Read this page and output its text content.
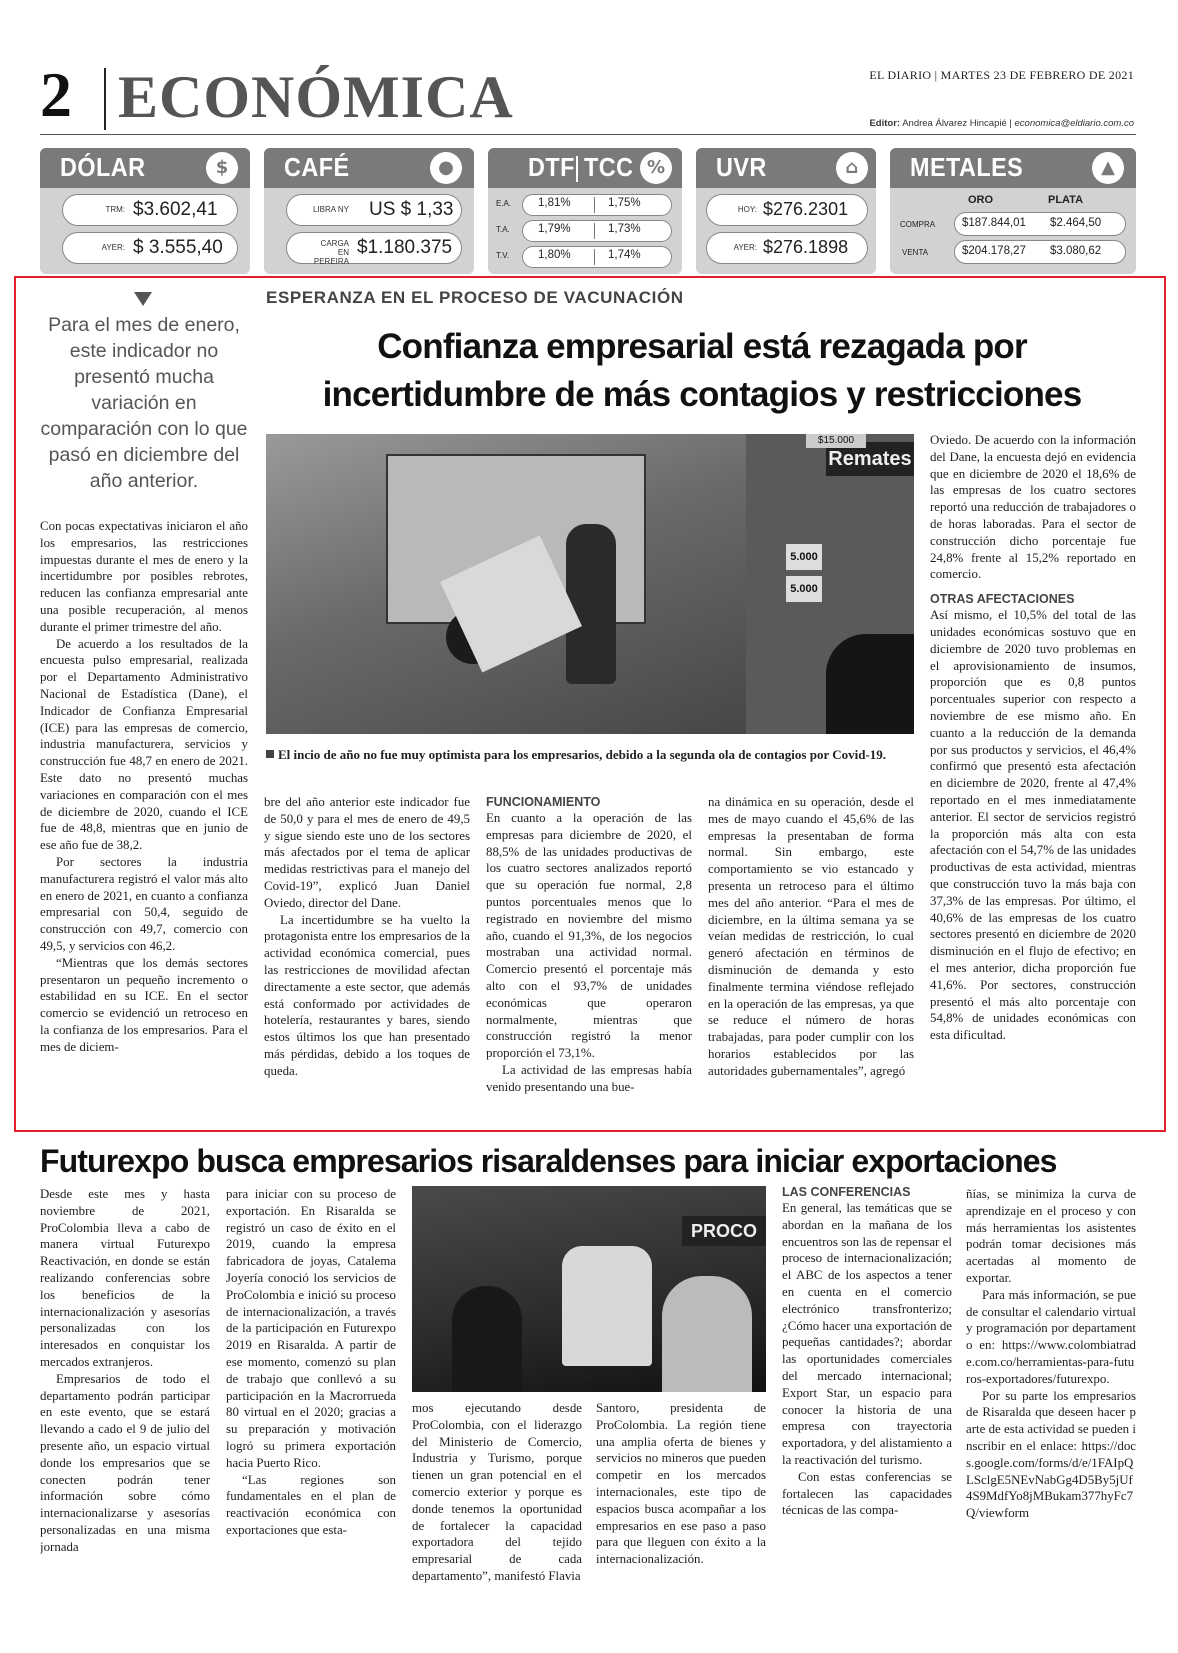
2 ECONÓMICA	EL DIARIO | MARTES 23 DE FEBRERO DE 2021
Editor: Andrea Álvarez Hincapié | economica@eldiario.com.co
DÓLAR	$
TRM: $3.602,41
AYER: $ 3.555,40
CAFÉ	●
LIBRA NY US $ 1,33
CARGA EN PEREIRA
$1.180.375
DTF TCC %
E.A. 1,81%	1,75%
T.A. 1,79%	1,73%
T.V.	1,80%	1,74%
UVR	⌂
HOY: $276.2301
AYER: $276.1898
METALES	▲
ORO	PLATA
COMPRA $187.844,01 $2.464,50
VENTA	$204.178,27 $3.080,62
Para el mes de enero, este indicador no presentó mucha variación en comparación con lo que pasó en diciembre del año anterior.
ESPERANZA EN EL PROCESO DE VACUNACIÓN
Confianza empresarial está rezagada por
incertidumbre de más contagios y restricciones
Remates
5.000
5.000
$15.000
El incio de año no fue muy optimista para los empresarios, debido a la segunda ola de contagios por Covid-19.

Con pocas expectativas iniciaron el año los empresarios, las restricciones impuestas durante el mes de enero y la incertidumbre por posibles rebrotes, reducen las confianza empresarial ante una posible recuperación, al menos durante el primer trimestre del año.

De acuerdo a los resultados de la encuesta pulso empresarial, realizada por el Departamento Administrativo Nacional de Estadística (Dane), el Indicador de Confianza Empresarial (ICE) para las empresas de comercio, industria manufacturera, servicios y construcción fue 48,7 en enero de 2021. Este dato no presentó muchas variaciones en comparación con el mes de diciembre de 2020, cuando el ICE fue de 48,8, mientras que en junio de ese año fue de 38,2.

Por sectores la industria manufacturera registró el valor más alto en enero de 2021, en cuanto a confianza empresarial con 50,4, seguido de construcción con 49,7, comercio con 49,5, y servicios con 46,2.

“Mientras que los demás sectores presentaron un pequeño incremento o estabilidad en su ICE. En el sector comercio se evidenció un retroceso en la confianza de los empresarios. Para el mes de diciem-

bre del año anterior este indicador fue de 50,0 y para el mes de enero de 49,5 y sigue siendo este uno de los sectores más afectados por el tema de aplicar medidas restrictivas para el manejo del Covid-19”, explicó Juan Daniel Oviedo, director del Dane.

La incertidumbre se ha vuelto la protagonista entre los empresarios de la actividad económica comercial, pues las restricciones de movilidad afectan directamente a este sector, que además está conformado por actividades de hotelería, restaurantes y bares, siendo estos últimos los que han presentado más pérdidas, debido a los toques de queda.

FUNCIONAMIENTO

En cuanto a la operación de las empresas para diciembre de 2020, el 88,5% de las unidades productivas de los cuatro sectores analizados reportó que su operación fue normal, 2,8 puntos porcentuales menos que lo registrado en noviembre del mismo año, cuando el 91,3%, de los negocios mostraban una actividad normal. Comercio presentó el porcentaje más alto con el 93,7% de unidades económicas que operaron normalmente, mientras que construcción registró la menor proporción el 73,1%.

La actividad de las empresas había venido presentando una bue-

na dinámica en su operación, desde el mes de mayo cuando el 45,6% de las empresas la presentaban de forma normal. Sin embargo, este comportamiento se vio estancado y presenta un retroceso para el último mes del año anterior. “Para el mes de diciembre, en la última semana ya se veían medidas de restricción, lo cual generó afectación en términos de disminución de demanda y esto finalmente termina viéndose reflejado en la operación de las empresas, ya que se reduce el número de horas trabajadas, para poder cumplir con los horarios establecidos por las autoridades gubernamentales”, agregó

Oviedo. De acuerdo con la información del Dane, la encuesta dejó en evidencia que en diciembre de 2020 el 18,6% de las empresas de los cuatro sectores reportó una reducción de trabajadores o de horas laboradas. Para el sector de construcción dicho porcentaje fue 24,8% frente al 15,2% reportado en comercio.

OTRAS AFECTACIONES

Así mismo, el 10,5% del total de las unidades económicas sostuvo que en diciembre de 2020 tuvo problemas en el aprovisionamiento de insumos, proporción que es 0,8 puntos porcentuales superior con respecto a noviembre de ese mismo año. En cuanto a la reducción de la demanda por sus productos y servicios, el 46,4% confirmó que presentó esta afectación en diciembre de 2020, frente al 47,4% reportado en el mes inmediatamente anterior. El sector de servicios registró la proporción más alta con esta afectación con el 54,7% de las unidades productivas de esta actividad, mientras que construcción tuvo la más baja con 37,3% de las empresas. Por último, el 40,6% de las empresas de los cuatro sectores presentó en diciembre de 2020 disminución en el flujo de efectivo; en el mes anterior, dicha proporción fue 41,6%. Por sectores, construcción presentó el más alto porcentaje con 54,8% de unidades económicas con esta dificultad.

Futurexpo busca empresarios risaraldenses para iniciar exportaciones
PROCO

Desde este mes y hasta noviembre de 2021, ProColombia lleva a cabo de manera virtual Futurexpo Reactivación, en donde se están realizando conferencias sobre los beneficios de la internacionalización y asesorías personalizadas con los interesados en conquistar los mercados extranjeros.

Empresarios de todo el departamento podrán participar en este evento, que se estará llevando a cado el 9 de julio del presente año, un espacio virtual donde los empresarios que se conecten podrán tener información sobre cómo internacionalizarse y asesorías personalizadas en una misma jornada

para iniciar con su proceso de exportación. En Risaralda se registró un caso de éxito en el 2019, cuando la empresa fabricadora de joyas, Catalema Joyería conoció los servicios de ProColombia e inició su proceso de internacionalización, a través de la participación en Futurexpo 2019 en Risaralda. A partir de ese momento, comenzó su plan de trabajo que conllevó a su participación en la Macrorrueda 80 virtual en el 2020; gracias a su preparación y motivación logró su primera exportación hacia Puerto Rico.

“Las regiones son fundamentales en el plan de reactivación económica con exportaciones que esta-

mos ejecutando desde ProColombia, con el liderazgo del Ministerio de Comercio, Industria y Turismo, porque tienen un gran potencial en el comercio exterior y porque es donde tenemos la oportunidad de fortalecer la capacidad exportadora del tejido empresarial de cada departamento”, manifestó Flavia

Santoro, presidenta de ProColombia. La región tiene una amplia oferta de bienes y servicios no mineros que pueden competir en los mercados internacionales, este tipo de espacios busca acompañar a los empresarios en ese paso a paso para que lleguen con éxito a la internacionalización.

LAS CONFERENCIAS

En general, las temáticas que se abordan en la mañana de los encuentros son las de repensar el proceso de internacionalización; el ABC de los aspectos a tener en cuenta en el comercio electrónico transfronterizo; ¿Cómo hacer una exportación de pequeñas cantidades?; abordar las oportunidades comerciales del mercado internacional; Export Star, un espacio para conocer la historia de una empresa con trayectoria exportadora, y del alistamiento a la reactivación del turismo.

Con estas conferencias se fortalecen las capacidades técnicas de las compa-

ñías, se minimiza la curva de aprendizaje en el proceso y con más herramientas los asistentes podrán tomar decisiones más acertadas al momento de exportar.

Para más información, se puede consultar el calendario virtual y programación por departamento en: https://www.colombiatrade.com.co/herramientas-para-futuros-exportadores/futurexpo.

Por su parte los empresarios de Risaralda que deseen hacer parte de esta actividad se pueden inscribir en el enlace: https://docs.google.com/forms/d/e/1FAIpQLSclgE5NEvNabGg4D5By5jUf4S9MdfYo8jMBukam377hyFc7Q/viewform
